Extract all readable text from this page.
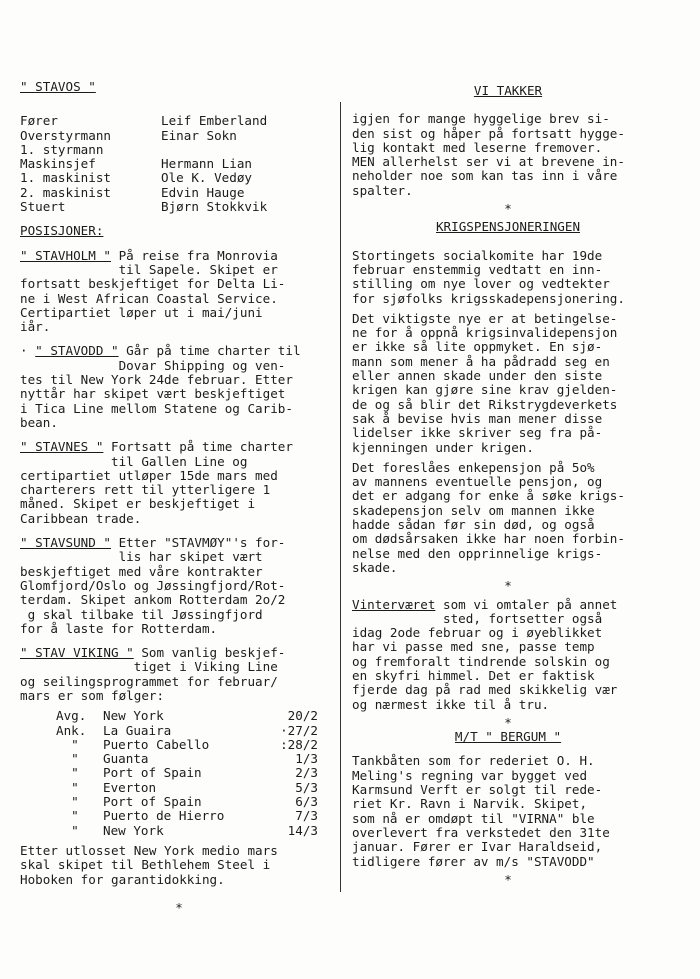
" STAVOS "
Fører	Leif Emberland
Overstyrmann	Einar Sokn
1. styrmann
Maskinsjef	Hermann Lian
1. maskinist	Ole K. Vedøy
2. maskinist	Edvin Hauge
Stuert	Bjørn Stokkvik
POSISJONER:
" STAVHOLM " På reise fra Monrovia
til Sapele. Skipet er
fortsatt beskjeftiget for Delta Li-
ne i West African Coastal Service.
Certipartiet løper ut i mai/juni
iår.
· " STAVODD " Går på time charter til
Dovar Shipping og ven-
tes til New York 24de februar. Etter
nyttår har skipet vært beskjeftiget
i Tica Line mellom Statene og Carib-
bean.
" STAVNES " Fortsatt på time charter
til Gallen Line og
certipartiet utløper 15de mars med
charterers rett til ytterligere 1
måned. Skipet er beskjeftiget i
Caribbean trade.
" STAVSUND " Etter "STAVMØY"'s for-
lis har skipet vært
beskjeftiget med våre kontrakter
Glomfjord/Oslo og Jøssingfjord/Rot-
terdam. Skipet ankom Rotterdam 2o/2
g skal tilbake til Jøssingfjord
for å laste for Rotterdam.
" STAV VIKING " Som vanlig beskjef-
tiget i Viking Line
og seilingsprogrammet for februar/
mars er som følger:
Avg.	New York	20/2
Ank.	La Guaira	·27/2
"	Puerto Cabello	:28/2
"	Guanta	1/3
"	Port of Spain	2/3
"	Everton	5/3
"	Port of Spain	6/3
"	Puerto de Hierro	7/3
"	New York	14/3
Etter utlosset New York medio mars
skal skipet til Bethlehem Steel i
Hoboken for garantidokking.
*
VI TAKKER
igjen for mange hyggelige brev si-
den sist og håper på fortsatt hygge-
lig kontakt med leserne fremover.
MEN allerhelst ser vi at brevene in-
neholder noe som kan tas inn i våre
spalter.
*
KRIGSPENSJONERINGEN
Stortingets socialkomite har 19de
februar enstemmig vedtatt en inn-
stilling om nye lover og vedtekter
for sjøfolks krigsskadepensjonering.
Det viktigste nye er at betingelse-
ne for å oppnå krigsinvalidepensjon
er ikke så lite oppmyket. En sjø-
mann som mener å ha pådradd seg en
eller annen skade under den siste
krigen kan gjøre sine krav gjelden-
de og så blir det Rikstrygdeverkets
sak å bevise hvis man mener disse
lidelser ikke skriver seg fra på-
kjenningen under krigen.
Det foreslåes enkepensjon på 5o%
av mannens eventuelle pensjon, og
det er adgang for enke å søke krigs-
skadepensjon selv om mannen ikke
hadde sådan før sin død, og også
om dødsårsaken ikke har noen forbin-
nelse med den opprinnelige krigs-
skade.
*
Vinterværet som vi omtaler på annet
sted, fortsetter også
idag 2ode februar og i øyeblikket
har vi passe med sne, passe temp
og fremforalt tindrende solskin og
en skyfri himmel. Det er faktisk
fjerde dag på rad med skikkelig vær
og nærmest ikke til å tru.
*
M/T " BERGUM "
Tankbåten som for rederiet O. H.
Meling's regning var bygget ved
Karmsund Verft er solgt til rede-
riet Kr. Ravn i Narvik. Skipet,
som nå er omdøpt til "VIRNA" ble
overlevert fra verkstedet den 31te
januar. Fører er Ivar Haraldseid,
tidligere fører av m/s "STAVODD"
*
